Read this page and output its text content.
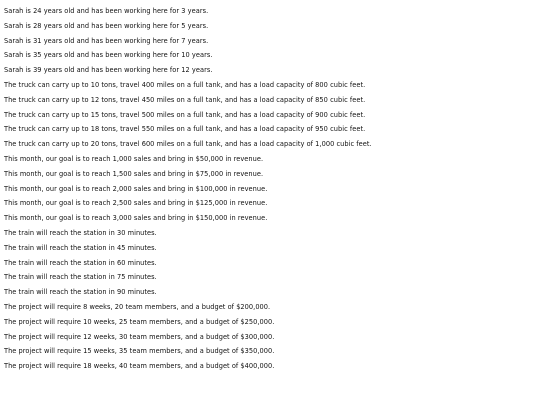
Sarah is 24 years old and has been working here for 3 years.
Sarah is 28 years old and has been working here for 5 years.
Sarah is 31 years old and has been working here for 7 years.
Sarah is 35 years old and has been working here for 10 years.
Sarah is 39 years old and has been working here for 12 years.
The truck can carry up to 10 tons, travel 400 miles on a full tank, and has a load capacity of 800 cubic feet.
The truck can carry up to 12 tons, travel 450 miles on a full tank, and has a load capacity of 850 cubic feet.
The truck can carry up to 15 tons, travel 500 miles on a full tank, and has a load capacity of 900 cubic feet.
The truck can carry up to 18 tons, travel 550 miles on a full tank, and has a load capacity of 950 cubic feet.
The truck can carry up to 20 tons, travel 600 miles on a full tank, and has a load capacity of 1,000 cubic feet.
This month, our goal is to reach 1,000 sales and bring in $50,000 in revenue.
This month, our goal is to reach 1,500 sales and bring in $75,000 in revenue.
This month, our goal is to reach 2,000 sales and bring in $100,000 in revenue.
This month, our goal is to reach 2,500 sales and bring in $125,000 in revenue.
This month, our goal is to reach 3,000 sales and bring in $150,000 in revenue.
The train will reach the station in 30 minutes.
The train will reach the station in 45 minutes.
The train will reach the station in 60 minutes.
The train will reach the station in 75 minutes.
The train will reach the station in 90 minutes.
The project will require 8 weeks, 20 team members, and a budget of $200,000.
The project will require 10 weeks, 25 team members, and a budget of $250,000.
The project will require 12 weeks, 30 team members, and a budget of $300,000.
The project will require 15 weeks, 35 team members, and a budget of $350,000.
The project will require 18 weeks, 40 team members, and a budget of $400,000.
